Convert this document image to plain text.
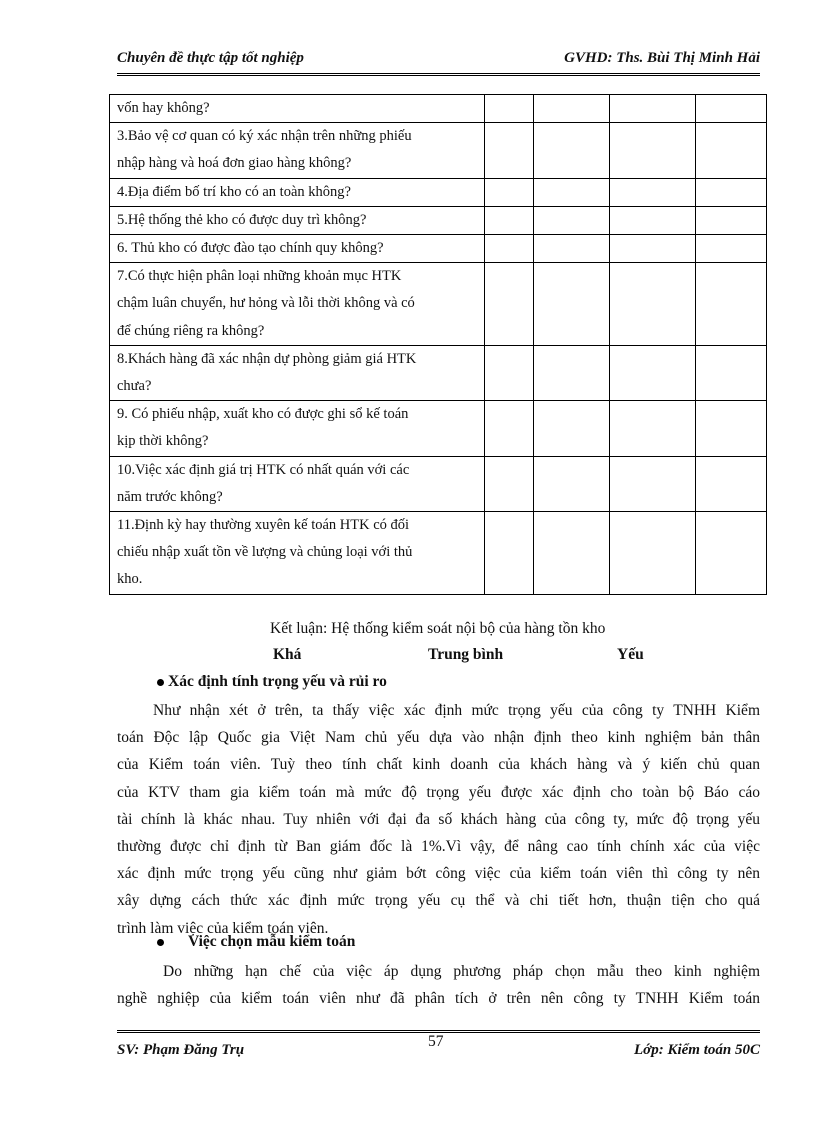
Chuyên đề thực tập tốt nghiệp	GVHD: Ths. Bùi Thị Minh Hải
vốn hay không?				

3.Bảo vệ cơ quan có ký xác nhận trên những phiếu
nhập hàng và hoá đơn giao hàng không?				

4.Địa điểm bố trí kho có an toàn không?				

5.Hệ thống thẻ kho có được duy trì không?				

6. Thủ kho có được đào tạo chính quy không?				

7.Có thực hiện phân loại những khoản mục HTK
chậm luân chuyển, hư hỏng và lỗi thời không và có
để chúng riêng ra không?				

8.Khách hàng đã xác nhận dự phòng giảm giá HTK
chưa?				

9. Có phiếu nhập, xuất kho có được ghi sổ kế toán
kịp thời không?				

10.Việc xác định giá trị HTK có nhất quán với các
năm trước không?				

11.Định kỳ hay thường xuyên kế toán HTK có đối
chiếu nhập xuất tồn về lượng và chủng loại với thủ
kho.				

Kết luận: Hệ thống kiểm soát nội bộ của hàng tồn kho
Khá	Trung bình	Yếu
Xác định tính trọng yếu và rủi ro
Như nhận xét ở trên, ta thấy việc xác định mức trọng yếu của công ty TNHH Kiểm
toán Độc lập Quốc gia Việt Nam chủ yếu dựa vào nhận định theo kinh nghiệm bản thân
của Kiểm toán viên. Tuỳ theo tính chất kinh doanh của khách hàng và ý kiến chủ quan
của KTV tham gia kiểm toán mà mức độ trọng yếu được xác định cho toàn bộ Báo cáo
tài chính là khác nhau. Tuy nhiên với đại đa số khách hàng của công ty, mức độ trọng yếu
thường được chỉ định từ Ban giám đốc là 1%.Vì vậy, để nâng cao tính chính xác của việc
xác định mức trọng yếu cũng như giảm bớt công việc của kiểm toán viên thì công ty nên
xây dựng cách thức xác định mức trọng yếu cụ thể và chi tiết hơn, thuận tiện cho quá
trình làm việc của kiểm toán viên.
Việc chọn mẫu kiểm toán
Do những hạn chế của việc áp dụng phương pháp chọn mẫu theo kinh nghiệm
nghề nghiệp của kiểm toán viên như đã phân tích ở trên nên công ty TNHH Kiểm toán
57
SV: Phạm Đăng Trụ	Lớp: Kiểm toán 50C
